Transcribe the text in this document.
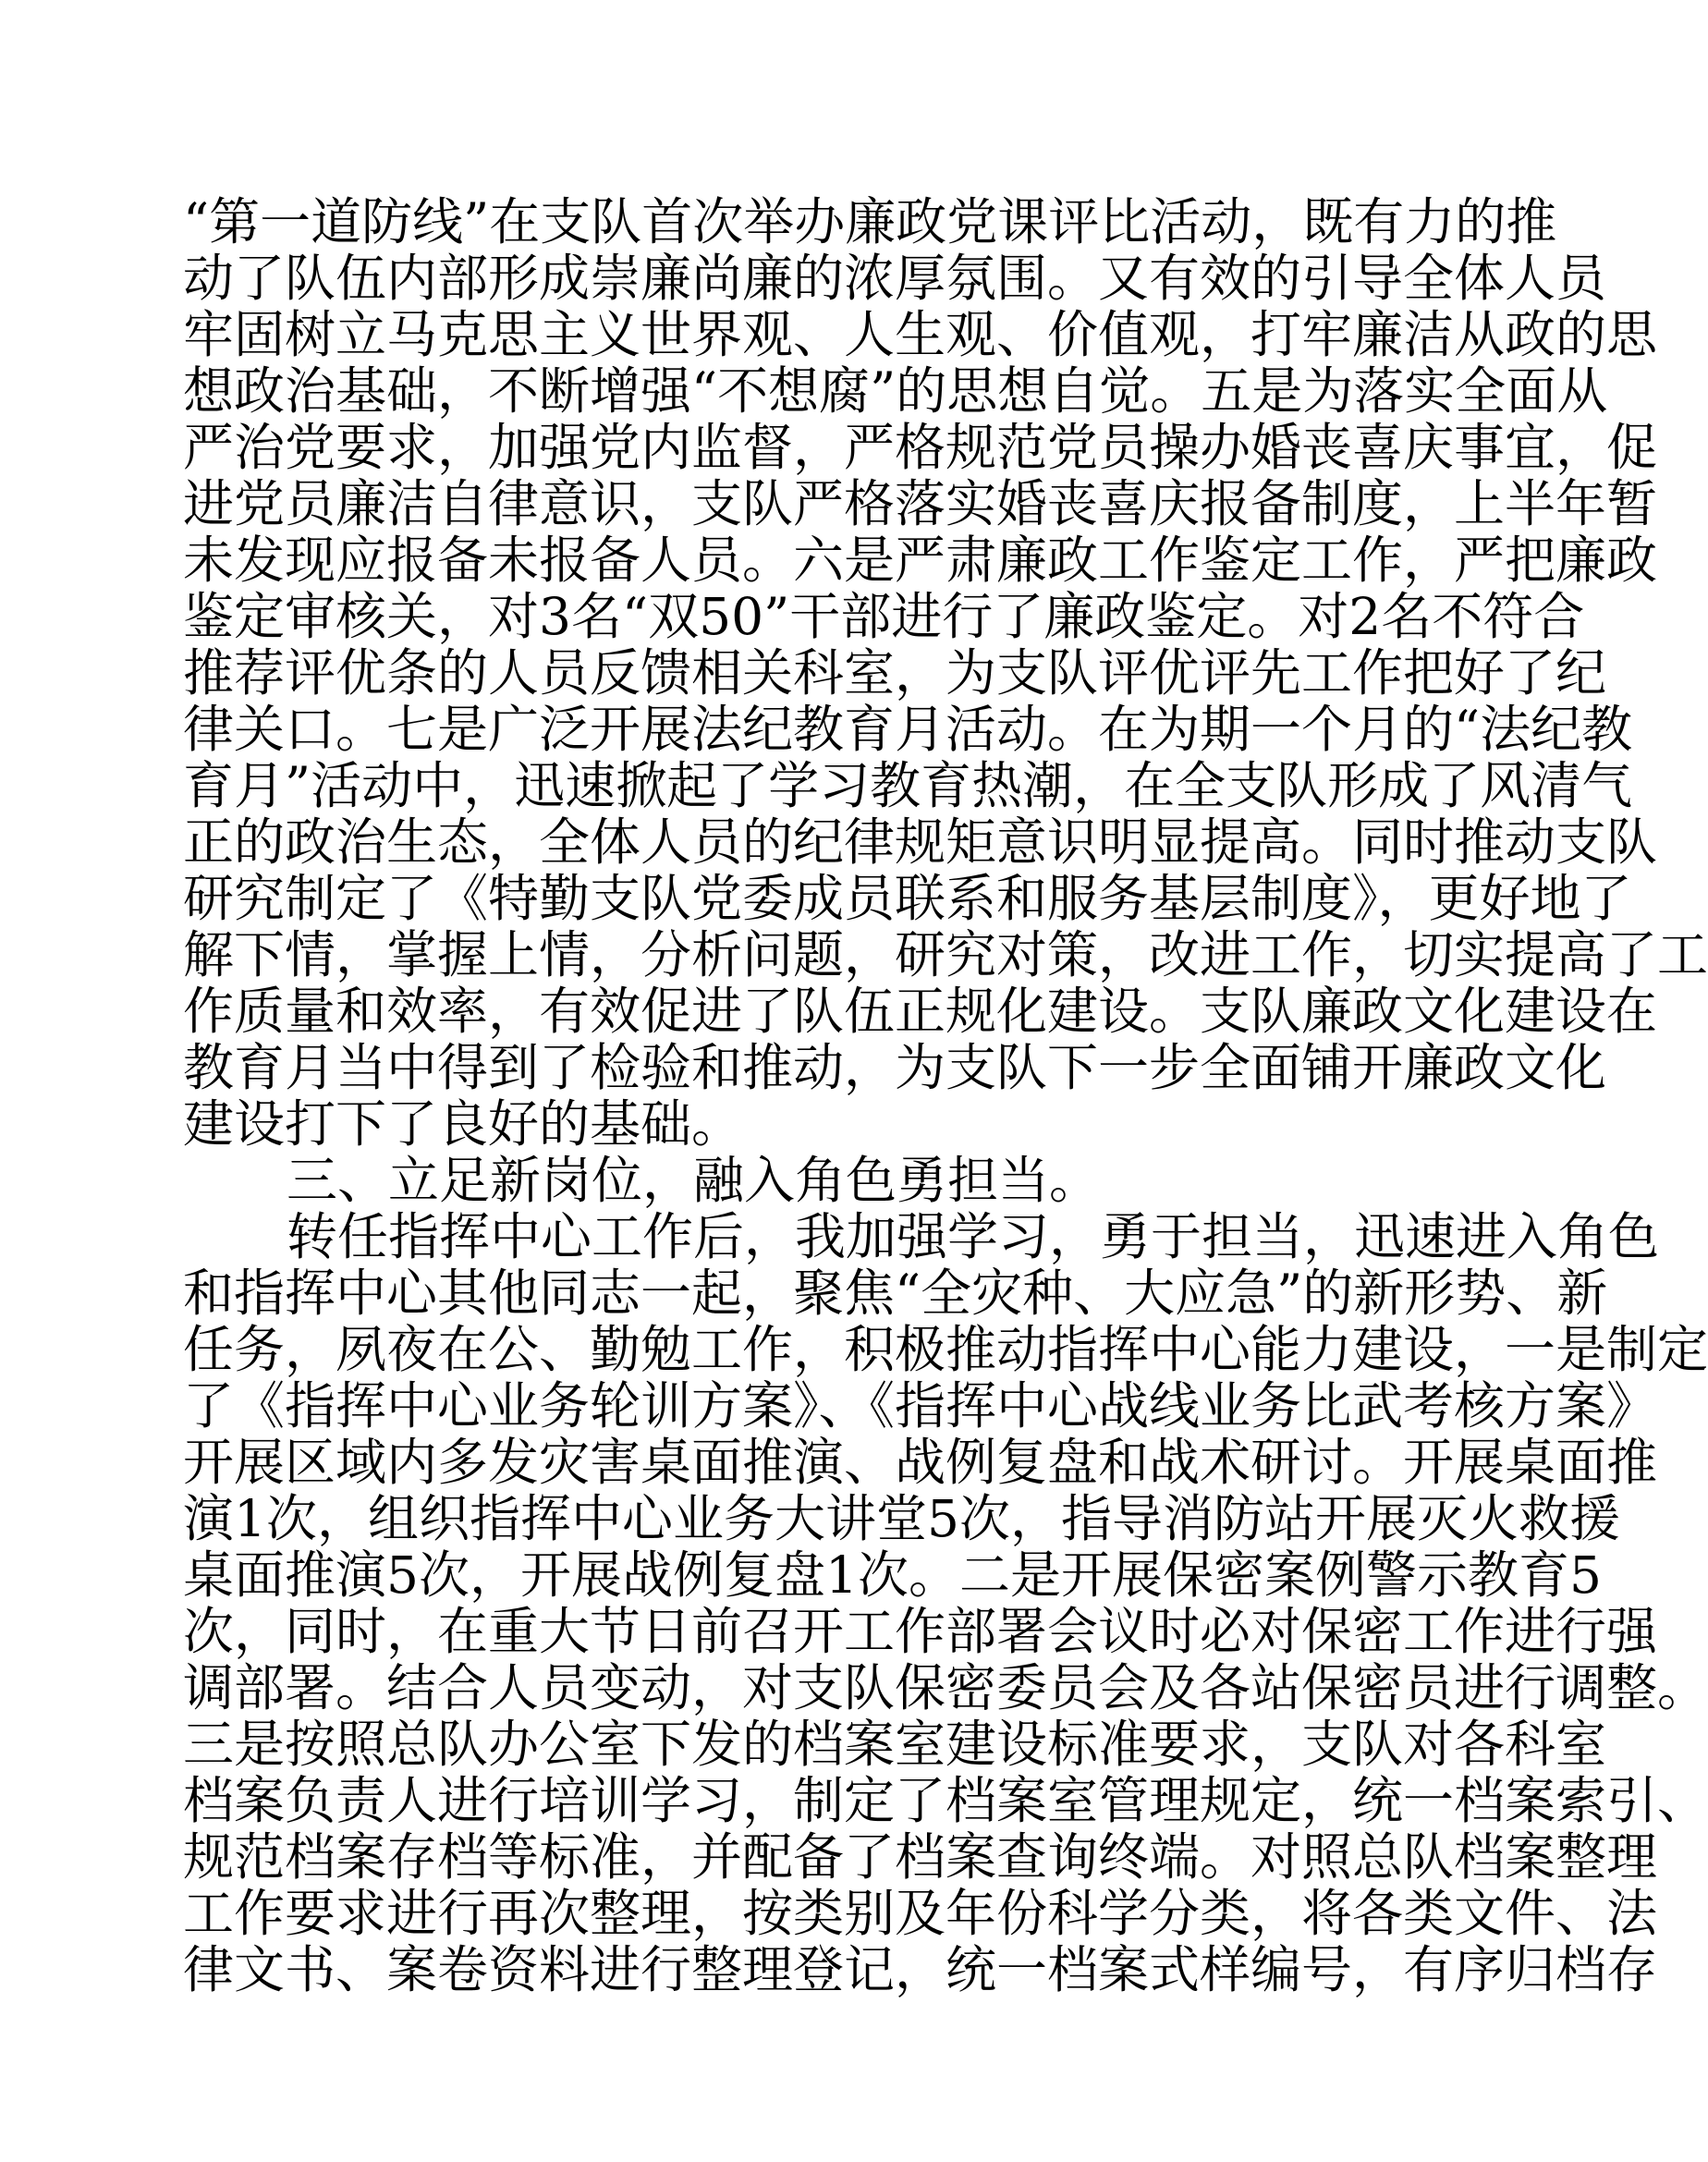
“第一道防线”在支队首次举办廉政党课评比活动，既有力的推
动了队伍内部形成崇廉尚廉的浓厚氛围。又有效的引导全体人员
牢固树立马克思主义世界观、人生观、价值观，打牢廉洁从政的思
想政治基础，不断增强“不想腐”的思想自觉。五是为落实全面从
严治党要求，加强党内监督，严格规范党员操办婚丧喜庆事宜，促
进党员廉洁自律意识，支队严格落实婚丧喜庆报备制度，上半年暂
未发现应报备未报备人员。六是严肃廉政工作鉴定工作，严把廉政
鉴定审核关，对3名“双50”干部进行了廉政鉴定。对2名不符合
推荐评优条的人员反馈相关科室，为支队评优评先工作把好了纪
律关口。七是广泛开展法纪教育月活动。在为期一个月的“法纪教
育月”活动中，迅速掀起了学习教育热潮，在全支队形成了风清气
正的政治生态，全体人员的纪律规矩意识明显提高。同时推动支队
研究制定了《特勤支队党委成员联系和服务基层制度》，更好地了
解下情，掌握上情，分析问题，研究对策，改进工作，切实提高了工
作质量和效率，有效促进了队伍正规化建设。支队廉政文化建设在
教育月当中得到了检验和推动，为支队下一步全面铺开廉政文化
建设打下了良好的基础。
三、立足新岗位，融入角色勇担当。
转任指挥中心工作后，我加强学习，勇于担当，迅速进入角色
和指挥中心其他同志一起，聚焦“全灾种、大应急”的新形势、新
任务，夙夜在公、勤勉工作，积极推动指挥中心能力建设，一是制定
了《指挥中心业务轮训方案》、《指挥中心战线业务比武考核方案》
开展区域内多发灾害桌面推演、战例复盘和战术研讨。开展桌面推
演1次，组织指挥中心业务大讲堂5次，指导消防站开展灭火救援
桌面推演5次，开展战例复盘1次。二是开展保密案例警示教育5
次，同时，在重大节日前召开工作部署会议时必对保密工作进行强
调部署。结合人员变动，对支队保密委员会及各站保密员进行调整。
三是按照总队办公室下发的档案室建设标准要求，支队对各科室
档案负责人进行培训学习，制定了档案室管理规定，统一档案索引、
规范档案存档等标准，并配备了档案查询终端。对照总队档案整理
工作要求进行再次整理，按类别及年份科学分类，将各类文件、法
律文书、案卷资料进行整理登记，统一档案式样编号，有序归档存
